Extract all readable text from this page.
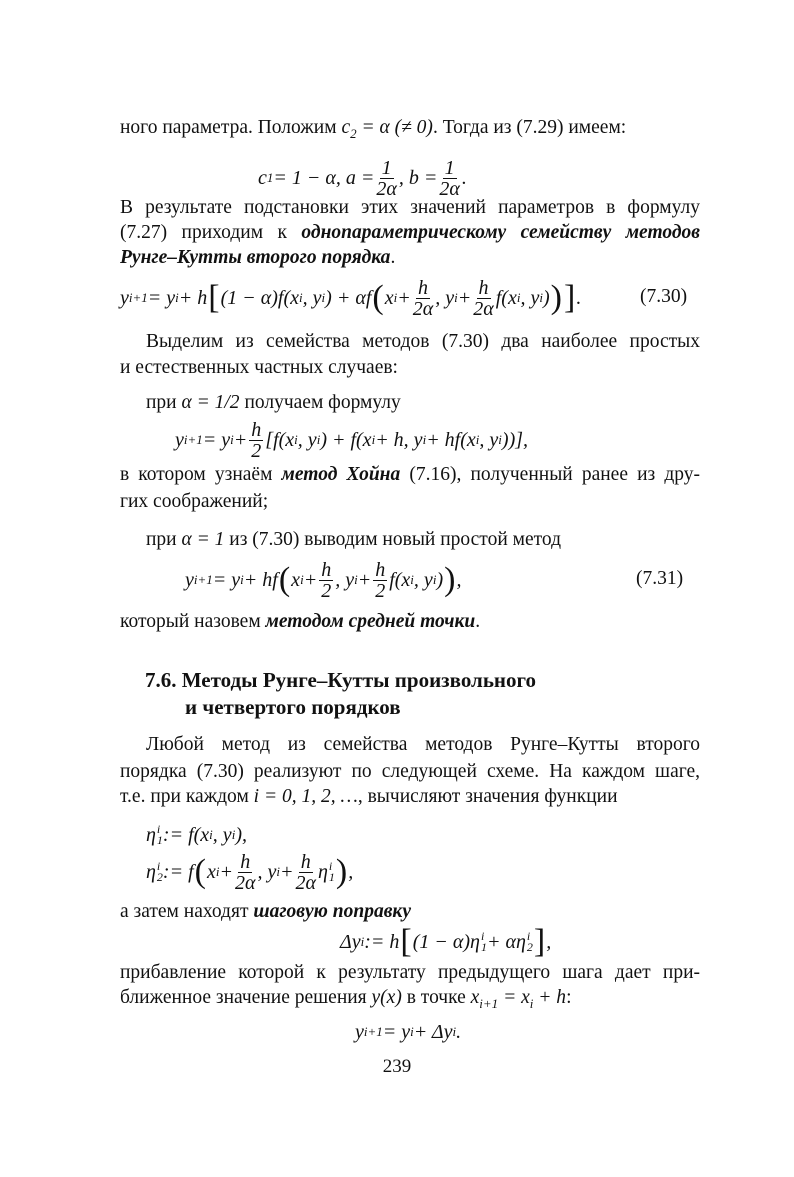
ного параметра. Положим $c_2 = \alpha$ (≠ 0). Тогда из (7.29) имеем:
c 1 = 1 − α, $a = \frac{1}{2\alpha}$ , $b = \frac{1}{2\alpha}$ .
В результате подстановки этих значений параметров в формулу
(7.27) приходим к однопараметрическому семейству методов
Рунге–Кутты второго порядка.
y i+1 = y i + h [ (1 − α)f(x i , y i ) + αf ( x $i + \frac{h}{2\alpha}$ , y $i + \frac{h}{2\alpha} f(x$ i , y i ) ) ] .	(7.30)
Выделим из семейства методов (7.30) два наиболее простых
и естественных частных случаев:
при α = 1/2 получаем формулу
y i+1 = y $i + \frac{h}{2} [f(x$ i , y i ) + f(x i + h, y i + hf(x i , y i ))],
в котором узнаём метод Хойна (7.16), полученный ранее из дру-
гих соображений;
при α = 1 из (7.30) выводим новый простой метод
y i+1 = y i + hf ( x $i + \frac{h}{2}$ , y $i + \frac{h}{2} f(x$ i , y i ) ) ,	(7.31)
который назовем методом средней точки.
7.6. Методы Рунге–Кутты произвольного
и четвертого порядков
Любой метод из семейства методов Рунге–Кутты второго
порядка (7.30) реализуют по следующей схеме. На каждом шаге,
т.е. при каждом i = 0, 1, 2, …, вычисляют значения функции
η i
1 := f(x i , y i ),
η i
2 := f ( x $i + \frac{h}{2\alpha}$ , y $i + \frac{h}{2\alpha}$ η i
1 ) ,
а затем находят шаговую поправку
Δy i := h [ (1 − α)η i
1 + αη i
2 ] ,
прибавление которой к результату предыдущего шага дает при-
ближенное значение решения y(x) в точке $x_{i+1} = x_i + h$:
y i+1 = y i + Δy i .
239
